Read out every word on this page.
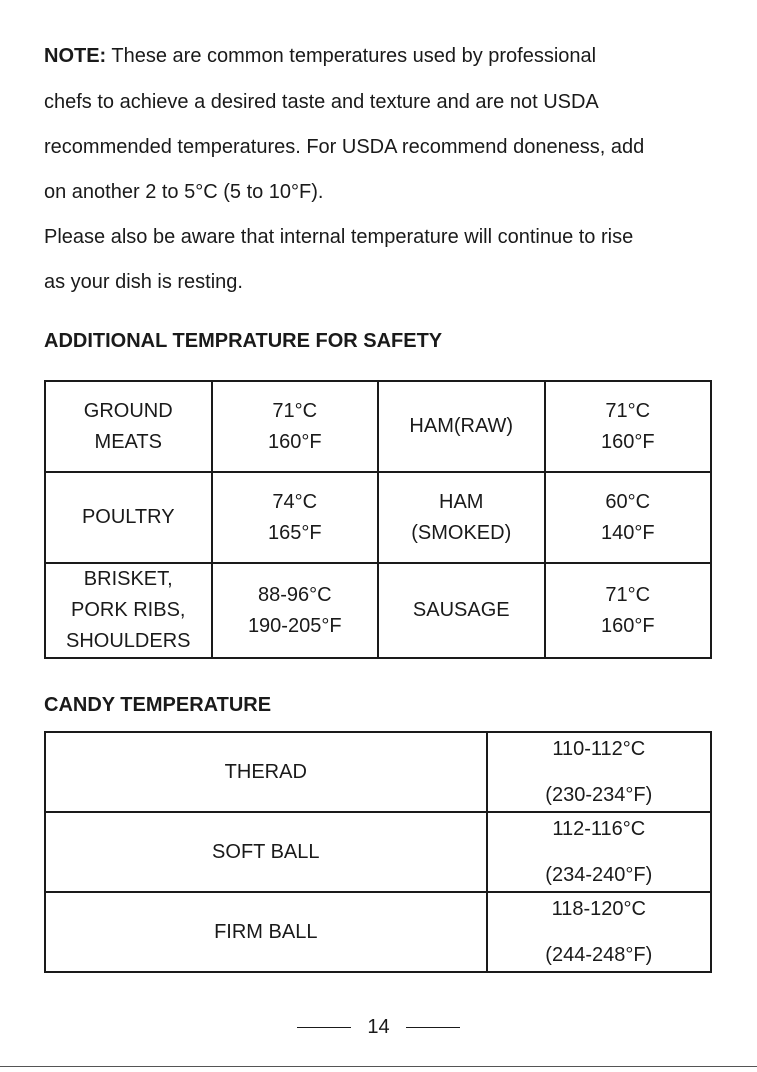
NOTE: These are common temperatures used by professional

chefs to achieve a desired taste and texture and are not USDA

recommended temperatures. For USDA recommend doneness, add

on another 2 to 5°C (5 to 10°F).

Please also be aware that internal temperature will continue to rise

as your dish is resting.

ADDITIONAL TEMPRATURE FOR SAFETY
GROUND
MEATS	71°C
160°F	HAM(RAW)	71°C
160°F
POULTRY	74°C
165°F	HAM
(SMOKED)	60°C
140°F
BRISKET,
PORK RIBS,
SHOULDERS	88-96°C
190-205°F	SAUSAGE	71°C
160°F
CANDY TEMPERATURE
THERAD	110-112°C
(230-234°F)

SOFT BALL	112-116°C
(234-240°F)

FIRM BALL	118-120°C
(244-248°F)
14
